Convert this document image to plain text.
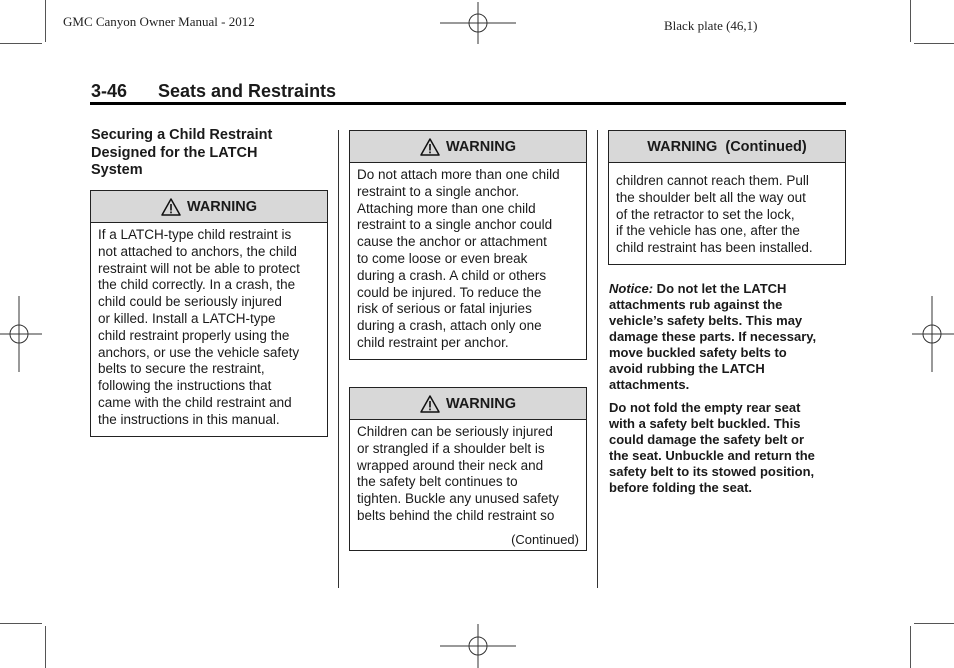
GMC Canyon Owner Manual - 2012	Black plate (46,1)
3-46 Seats and Restraints
Securing a Child Restraint
Designed for the LATCH
System
WARNING
If a LATCH-type child restraint is
not attached to anchors, the child
restraint will not be able to protect
the child correctly. In a crash, the
child could be seriously injured
or killed. Install a LATCH-type
child restraint properly using the
anchors, or use the vehicle safety
belts to secure the restraint,
following the instructions that
came with the child restraint and
the instructions in this manual.
WARNING
Do not attach more than one child
restraint to a single anchor.
Attaching more than one child
restraint to a single anchor could
cause the anchor or attachment
to come loose or even break
during a crash. A child or others
could be injured. To reduce the
risk of serious or fatal injuries
during a crash, attach only one
child restraint per anchor.
WARNING
Children can be seriously injured
or strangled if a shoulder belt is
wrapped around their neck and
the safety belt continues to
tighten. Buckle any unused safety
belts behind the child restraint so
(Continued)
WARNING  (Continued)
children cannot reach them. Pull
the shoulder belt all the way out
of the retractor to set the lock,
if the vehicle has one, after the
child restraint has been installed.
Notice: Do not let the LATCH
attachments rub against the
vehicle’s safety belts. This may
damage these parts. If necessary,
move buckled safety belts to
avoid rubbing the LATCH
attachments.
Do not fold the empty rear seat
with a safety belt buckled. This
could damage the safety belt or
the seat. Unbuckle and return the
safety belt to its stowed position,
before folding the seat.
